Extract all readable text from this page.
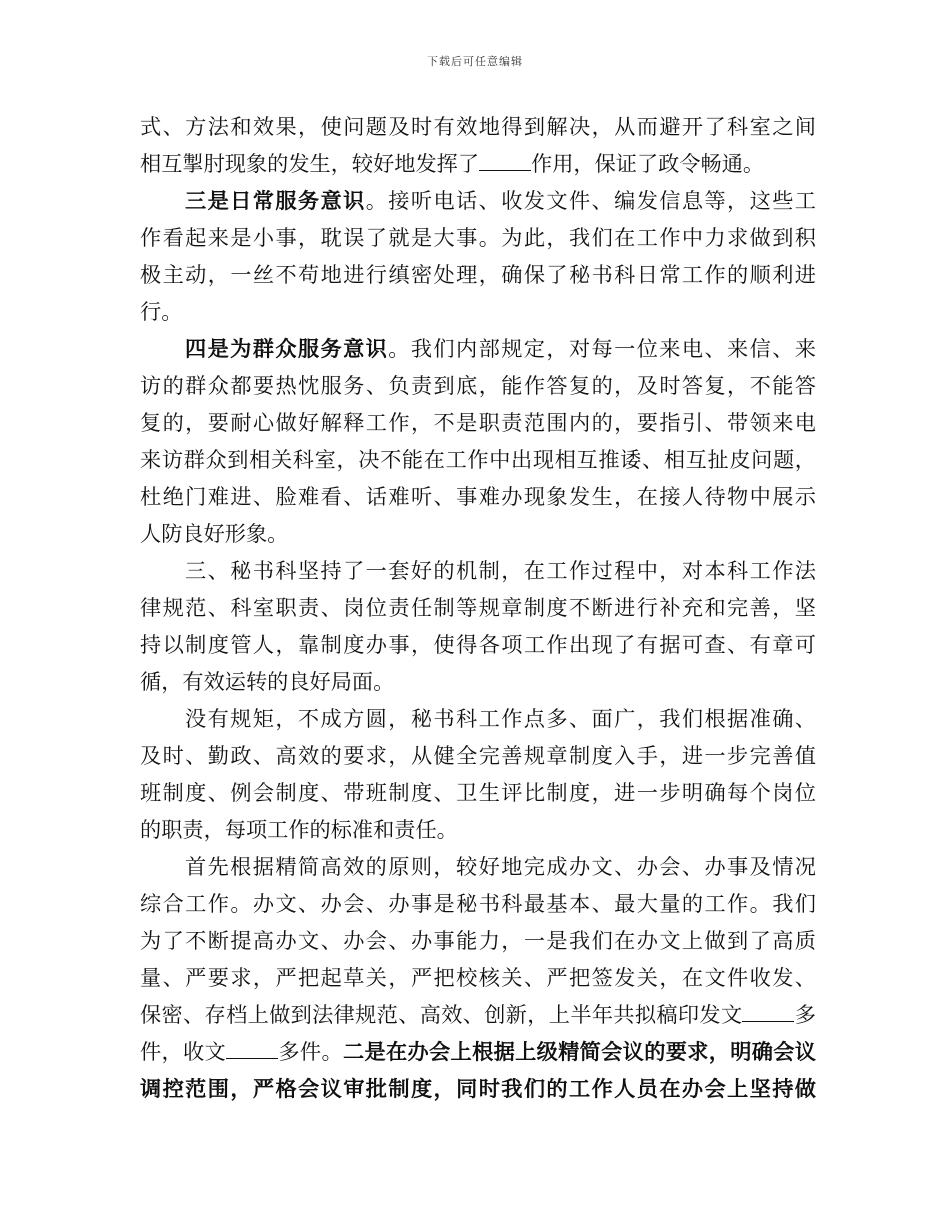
下载后可任意编辑
式、方法和效果，使问题及时有效地得到解决，从而避开了科室之间
相互掣肘现象的发生，较好地发挥了 作用，保证了政令畅通。
三是日常服务意识。接听电话、收发文件、编发信息等，这些工
作看起来是小事，耽误了就是大事。为此，我们在工作中力求做到积
极主动，一丝不苟地进行缜密处理，确保了秘书科日常工作的顺利进
行。
四是为群众服务意识。我们内部规定，对每一位来电、来信、来
访的群众都要热忱服务、负责到底，能作答复的，及时答复，不能答
复的，要耐心做好解释工作，不是职责范围内的，要指引、带领来电
来访群众到相关科室，决不能在工作中出现相互推诿、相互扯皮问题，
杜绝门难进、脸难看、话难听、事难办现象发生，在接人待物中展示
人防良好形象。
三、秘书科坚持了一套好的机制，在工作过程中，对本科工作法
律规范、科室职责、岗位责任制等规章制度不断进行补充和完善，坚
持以制度管人，靠制度办事，使得各项工作出现了有据可查、有章可
循，有效运转的良好局面。
没有规矩，不成方圆，秘书科工作点多、面广，我们根据准确、
及时、勤政、高效的要求，从健全完善规章制度入手，进一步完善值
班制度、例会制度、带班制度、卫生评比制度，进一步明确每个岗位
的职责，每项工作的标准和责任。
首先根据精简高效的原则，较好地完成办文、办会、办事及情况
综合工作。办文、办会、办事是秘书科最基本、最大量的工作。我们
为了不断提高办文、办会、办事能力，一是我们在办文上做到了高质
量、严要求，严把起草关，严把校核关、严把签发关，在文件收发、
保密、存档上做到法律规范、高效、创新，上半年共拟稿印发文 多
件，收文 多件。二是在办会上根据上级精简会议的要求，明确会议
调控范围，严格会议审批制度，同时我们的工作人员在办会上坚持做
